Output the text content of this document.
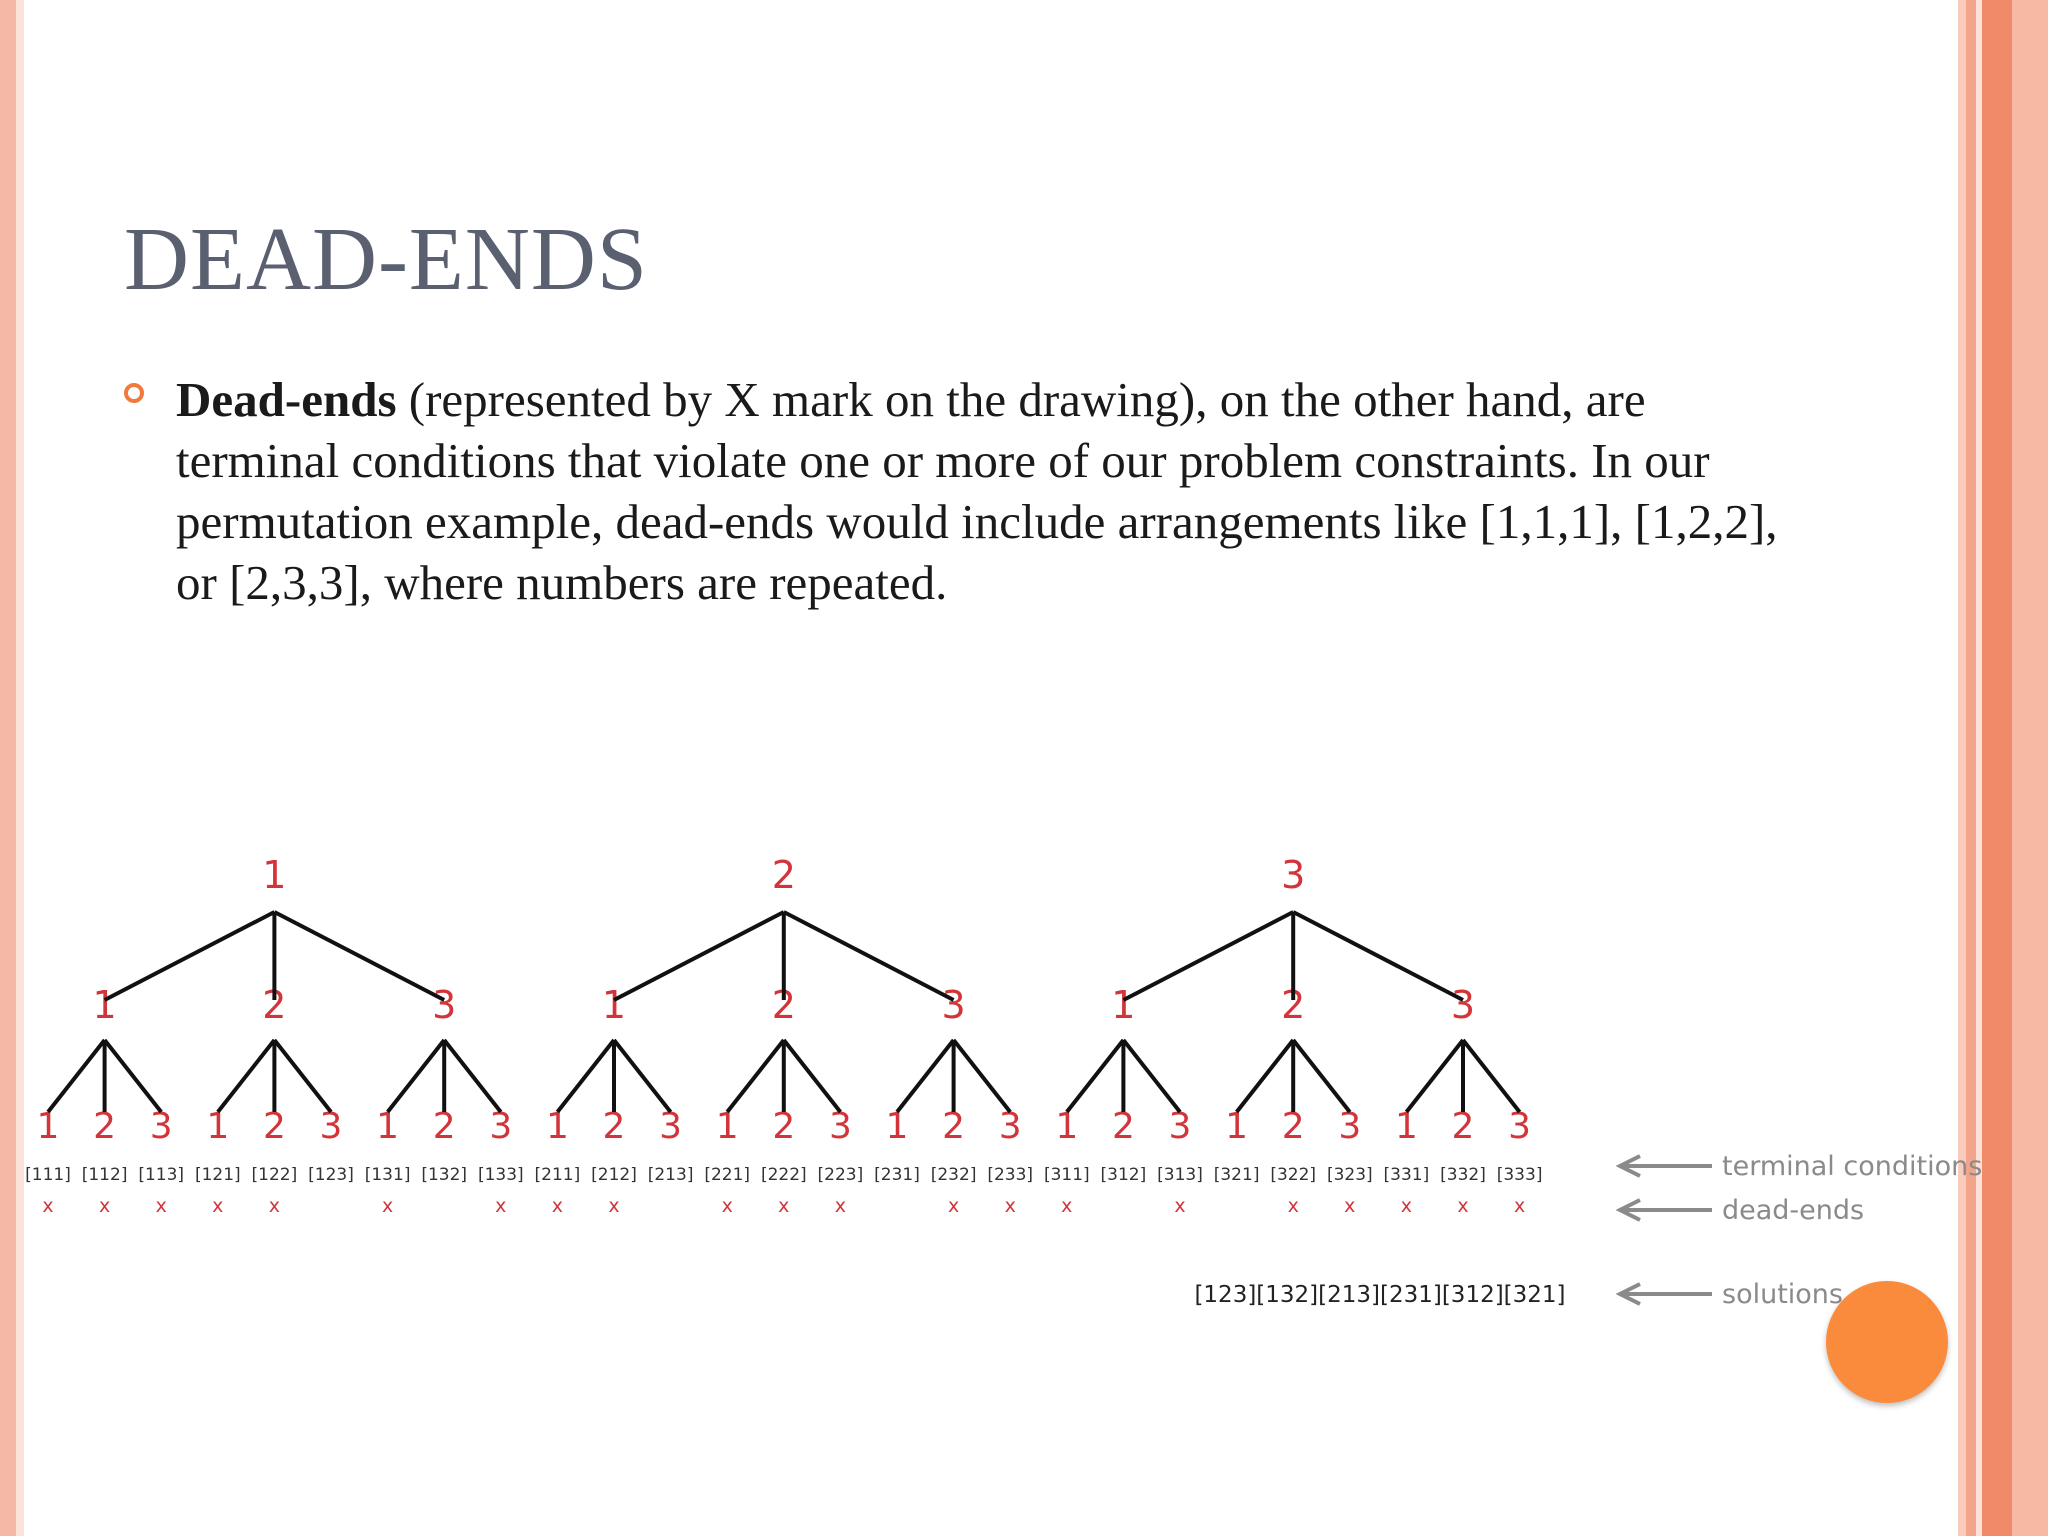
DEAD-ENDS
Dead-ends (represented by X mark on the drawing), on the other hand, are terminal conditions that violate one or more of our problem constraints. In our permutation example, dead-ends would include arrangements like [1,1,1], [1,2,2], or [2,3,3], where numbers are repeated.
1
[111]
x
2
[112]
x
3
[113]
x
1
1
[121]
x
2
[122]
x
3
[123]
2
1
[131]
x
2
[132]
3
[133]
x
3
1
1
[211]
x
2
[212]
x
3
[213]
1
1
[221]
x
2
[222]
x
3
[223]
x
2
1
[231]
2
[232]
x
3
[233]
x
3
2
1
[311]
x
2
[312]
3
[313]
x
1
1
[321]
2
[322]
x
3
[323]
x
2
1
[331]
x
2
[332]
x
3
[333]
x
3
3
terminal conditions
dead-ends
solutions
[123][132][213][231][312][321]
